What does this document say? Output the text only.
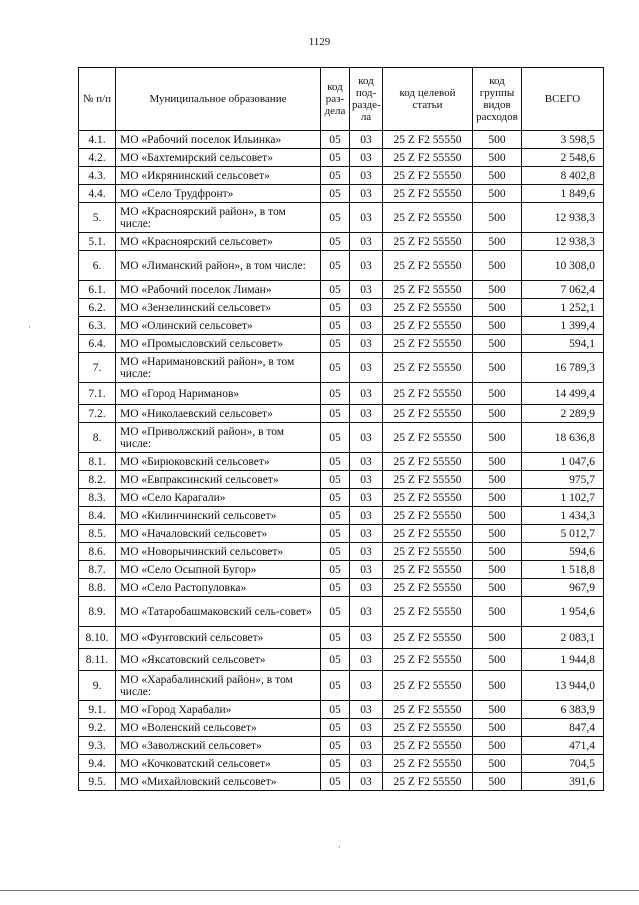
1129
№ п/п	Муниципальное образование	код раз-дела	код под-разде-ла	код целевой статьи	код группы видов расходов	ВСЕГО
4.1.	МО «Рабочий поселок Ильинка»	05	03	25 Z F2 55550	500	3 598,5
4.2.	МО «Бахтемирский сельсовет»	05	03	25 Z F2 55550	500	2 548,6
4.3.	МО «Икрянинский сельсовет»	05	03	25 Z F2 55550	500	8 402,8
4.4.	МО «Село Трудфронт»	05	03	25 Z F2 55550	500	1 849,6
5.	МО «Красноярский район», в том числе:	05	03	25 Z F2 55550	500	12 938,3
5.1.	МО «Красноярский сельсовет»	05	03	25 Z F2 55550	500	12 938,3
6.	МО «Лиманский район», в том числе:	05	03	25 Z F2 55550	500	10 308,0
6.1.	МО «Рабочий поселок Лиман»	05	03	25 Z F2 55550	500	7 062,4
6.2.	МО «Зензелинский сельсовет»	05	03	25 Z F2 55550	500	1 252,1
6.3.	МО «Олинский сельсовет»	05	03	25 Z F2 55550	500	1 399,4
6.4.	МО «Промысловский сельсовет»	05	03	25 Z F2 55550	500	594,1
7.	МО «Наримановский район», в том числе:	05	03	25 Z F2 55550	500	16 789,3
7.1.	МО «Город Нариманов»	05	03	25 Z F2 55550	500	14 499,4
7.2.	МО «Николаевский сельсовет»	05	03	25 Z F2 55550	500	2 289,9
8.	МО «Приволжский район», в том числе:	05	03	25 Z F2 55550	500	18 636,8
8.1.	МО «Бирюковский сельсовет»	05	03	25 Z F2 55550	500	1 047,6
8.2.	МО «Евпраксинский сельсовет»	05	03	25 Z F2 55550	500	975,7
8.3.	МО «Село Карагали»	05	03	25 Z F2 55550	500	1 102,7
8.4.	МО «Килинчинский сельсовет»	05	03	25 Z F2 55550	500	1 434,3
8.5.	МО «Началовский сельсовет»	05	03	25 Z F2 55550	500	5 012,7
8.6.	МО «Новорычинский сельсовет»	05	03	25 Z F2 55550	500	594,6
8.7.	МО «Село Осыпной Бугор»	05	03	25 Z F2 55550	500	1 518,8
8.8.	МО «Село Растопуловка»	05	03	25 Z F2 55550	500	967,9
8.9.	МО «Татаробашмаковский сель-совет»	05	03	25 Z F2 55550	500	1 954,6
8.10.	МО «Фунтовский сельсовет»	05	03	25 Z F2 55550	500	2 083,1
8.11.	МО «Яксатовский сельсовет»	05	03	25 Z F2 55550	500	1 944,8
9.	МО «Харабалинский район», в том числе:	05	03	25 Z F2 55550	500	13 944,0
9.1.	МО «Город Харабали»	05	03	25 Z F2 55550	500	6 383,9
9.2.	МО «Воленский сельсовет»	05	03	25 Z F2 55550	500	847,4
9.3.	МО «Заволжский сельсовет»	05	03	25 Z F2 55550	500	471,4
9.4.	МО «Кочковатский сельсовет»	05	03	25 Z F2 55550	500	704,5
9.5.	МО «Михайловский сельсовет»	05	03	25 Z F2 55550	500	391,6
·
·
